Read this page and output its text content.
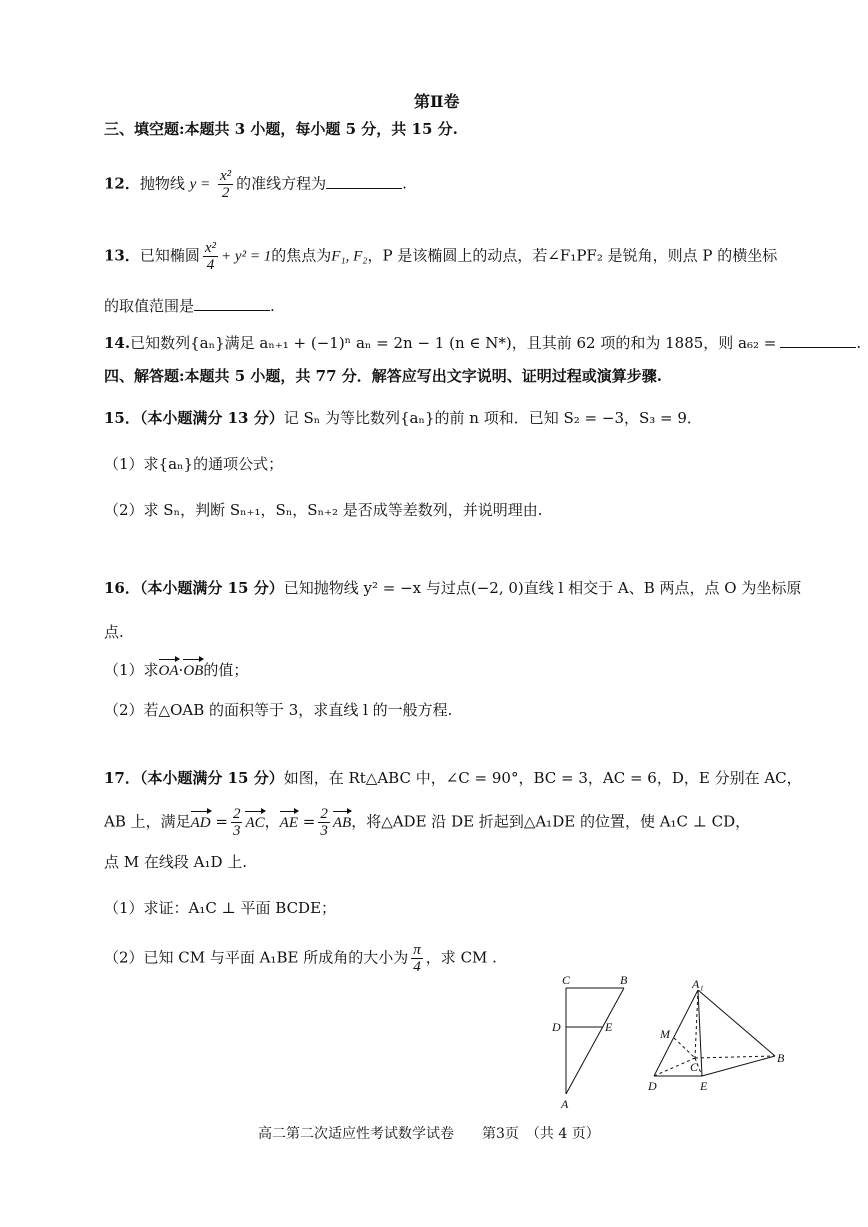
第Ⅱ卷
三、填空题:本题共 3 小题，每小题 5 分，共 15 分.
12．抛物线 $y = \frac{\text{x²}}{2}$ 的准线方程为	.
13．已知椭圆 $\frac{\text{x²}}{4} + y^2 = 1$的焦点为F₁, F₂，P 是该椭圆上的动点，若∠F₁PF₂ 是锐角，则点 P 的横坐标
的取值范围是	.
14.已知数列{aₙ}满足 aₙ₊₁ + (−1)ⁿ aₙ = 2n − 1 (n ∈ N*)，且其前 62 项的和为 1885，则 a₆₂ =	.
四、解答题:本题共 5 小题，共 77 分．解答应写出文字说明、证明过程或演算步骤.
15．（本小题满分 13 分）记 Sₙ 为等比数列{aₙ}的前 n 项和．已知 S₂ = −3，S₃ = 9．
（1）求{aₙ}的通项公式；
（2）求 Sₙ，判断 Sₙ₊₁，Sₙ，Sₙ₊₂ 是否成等差数列，并说明理由.
16．（本小题满分 15 分）已知抛物线 y² = −x 与过点(−2, 0)直线 l 相交于 A、B 两点，点 O 为坐标原
点.
（1）求OA·OB的值；
（2）若△OAB 的面积等于 3，求直线 l 的一般方程.
17．（本小题满分 15 分）如图，在 Rt△ABC 中，∠C = 90°，BC = 3，AC = 6，D，E 分别在 AC，
AB 上，满足AD = $\frac{2}{3}$ AC，AE = $\frac{2}{3}$ AB，将△ADE 沿 DE 折起到△A₁DE 的位置，使 A₁C ⊥ CD，
点 M 在线段 A₁D 上.
（1）求证：A₁C ⊥ 平面 BCDE；
（2）已知 CM 与平面 A₁BE 所成角的大小为 $\frac{\pi}{4}$ ，求 CM .
C	B
D	E
A
A₁
M
C
B
D	E
高二第二次适应性考试数学试卷　　第3页　（共 4 页）
